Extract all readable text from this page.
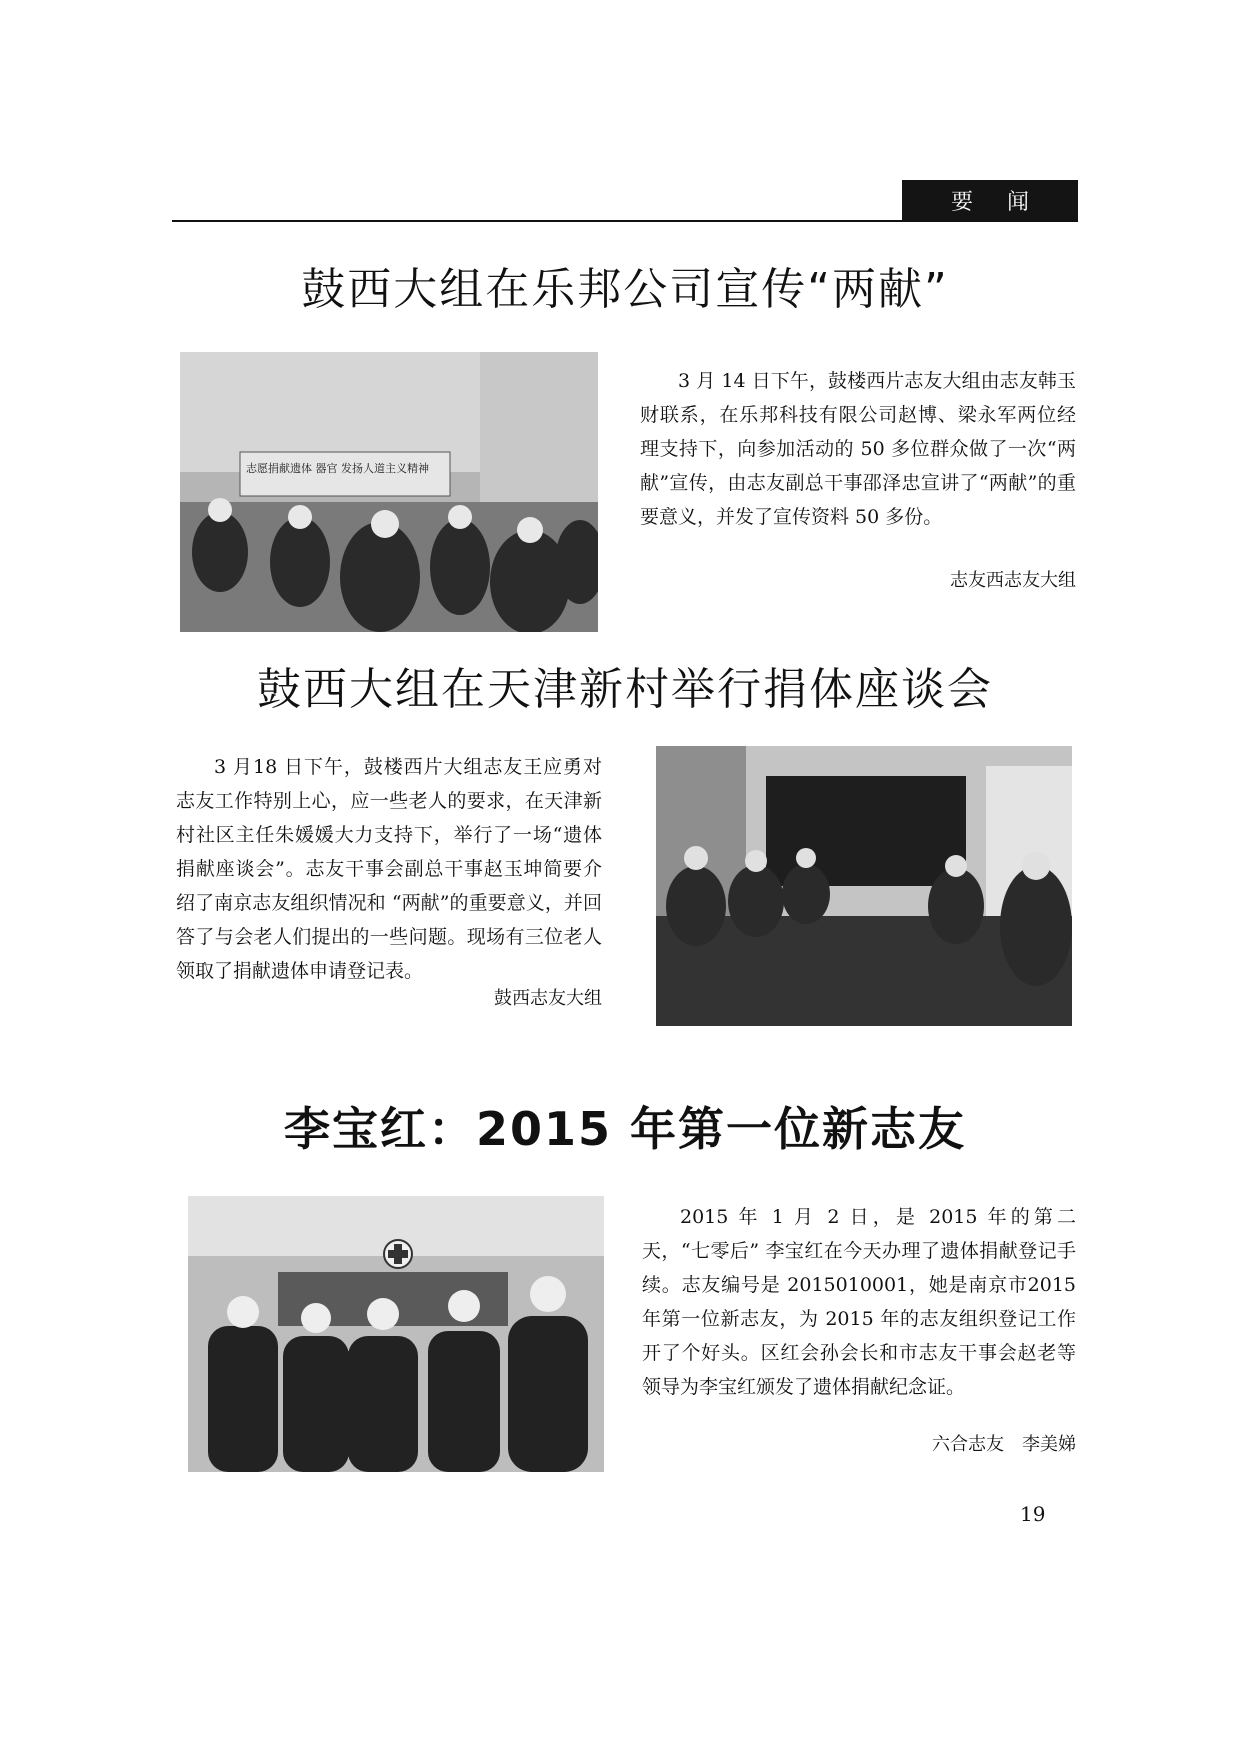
要闻
鼓西大组在乐邦公司宣传“两献”
志愿捐献遗体 器官 发扬人道主义精神

3 月 14 日下午，鼓楼西片志友大组由志友韩玉财联系，在乐邦科技有限公司赵博、梁永军两位经理支持下，向参加活动的 50 多位群众做了一次“两献”宣传，由志友副总干事邵泽忠宣讲了“两献”的重要意义，并发了宣传资料 50 多份。

志友西志友大组
鼓西大组在天津新村举行捐体座谈会

3 月18 日下午，鼓楼西片大组志友王应勇对志友工作特别上心，应一些老人的要求，在天津新村社区主任朱媛媛大力支持下，举行了一场“遗体捐献座谈会”。志友干事会副总干事赵玉坤简要介绍了南京志友组织情况和 “两献”的重要意义，并回答了与会老人们提出的一些问题。现场有三位老人领取了捐献遗体申请登记表。

鼓西志友大组
李宝红：2015 年第一位新志友

2015 年 1 月 2 日，是 2015 年的第二天，“七零后” 李宝红在今天办理了遗体捐献登记手续。志友编号是 2015010001，她是南京市2015 年第一位新志友，为 2015 年的志友组织登记工作开了个好头。区红会孙会长和市志友干事会赵老等领导为李宝红颁发了遗体捐献纪念证。

六合志友　李美娣
19
